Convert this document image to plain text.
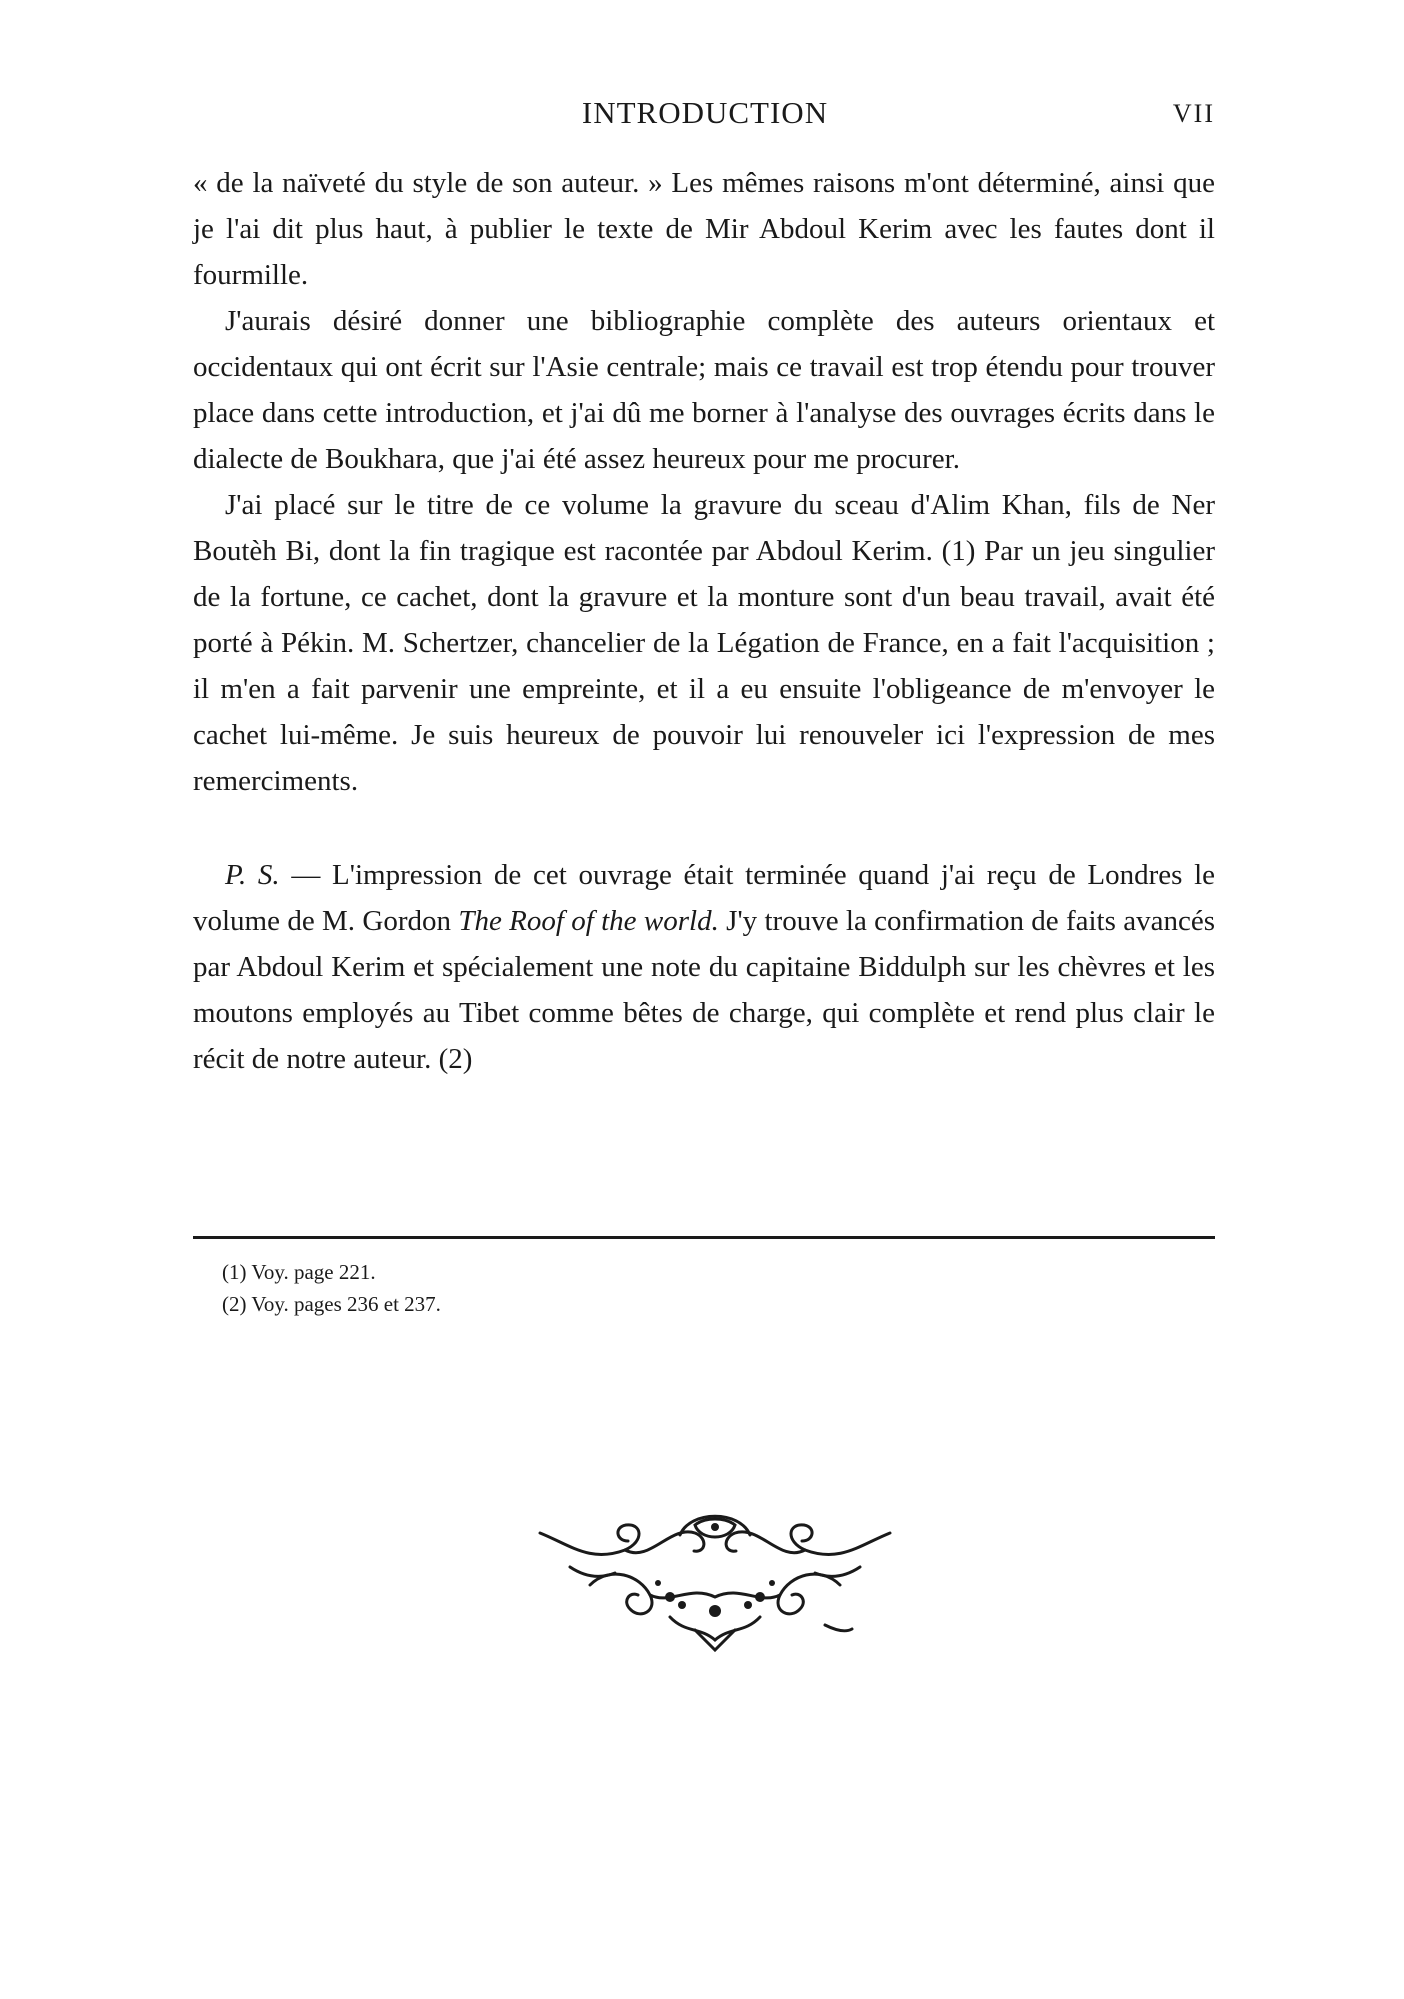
INTRODUCTION	VII

« de la naïveté du style de son auteur. » Les mêmes raisons m'ont déterminé, ainsi que je l'ai dit plus haut, à publier le texte de Mir Abdoul Kerim avec les fautes dont il fourmille.

J'aurais désiré donner une bibliographie complète des auteurs orientaux et occidentaux qui ont écrit sur l'Asie centrale; mais ce travail est trop étendu pour trouver place dans cette introduction, et j'ai dû me borner à l'analyse des ouvrages écrits dans le dialecte de Boukhara, que j'ai été assez heureux pour me procurer.

J'ai placé sur le titre de ce volume la gravure du sceau d'Alim Khan, fils de Ner Boutèh Bi, dont la fin tragique est racontée par Abdoul Kerim. (1) Par un jeu singulier de la fortune, ce cachet, dont la gravure et la monture sont d'un beau travail, avait été porté à Pékin. M. Schertzer, chancelier de la Légation de France, en a fait l'acquisition ; il m'en a fait parvenir une empreinte, et il a eu ensuite l'obligeance de m'envoyer le cachet lui-même. Je suis heureux de pouvoir lui renouveler ici l'expression de mes remerciments.

P. S. — L'impression de cet ouvrage était terminée quand j'ai reçu de Londres le volume de M. Gordon The Roof of the world. J'y trouve la confirmation de faits avancés par Abdoul Kerim et spécialement une note du capitaine Biddulph sur les chèvres et les moutons employés au Tibet comme bêtes de charge, qui complète et rend plus clair le récit de notre auteur. (2)

(1) Voy. page 221.
(2) Voy. pages 236 et 237.
